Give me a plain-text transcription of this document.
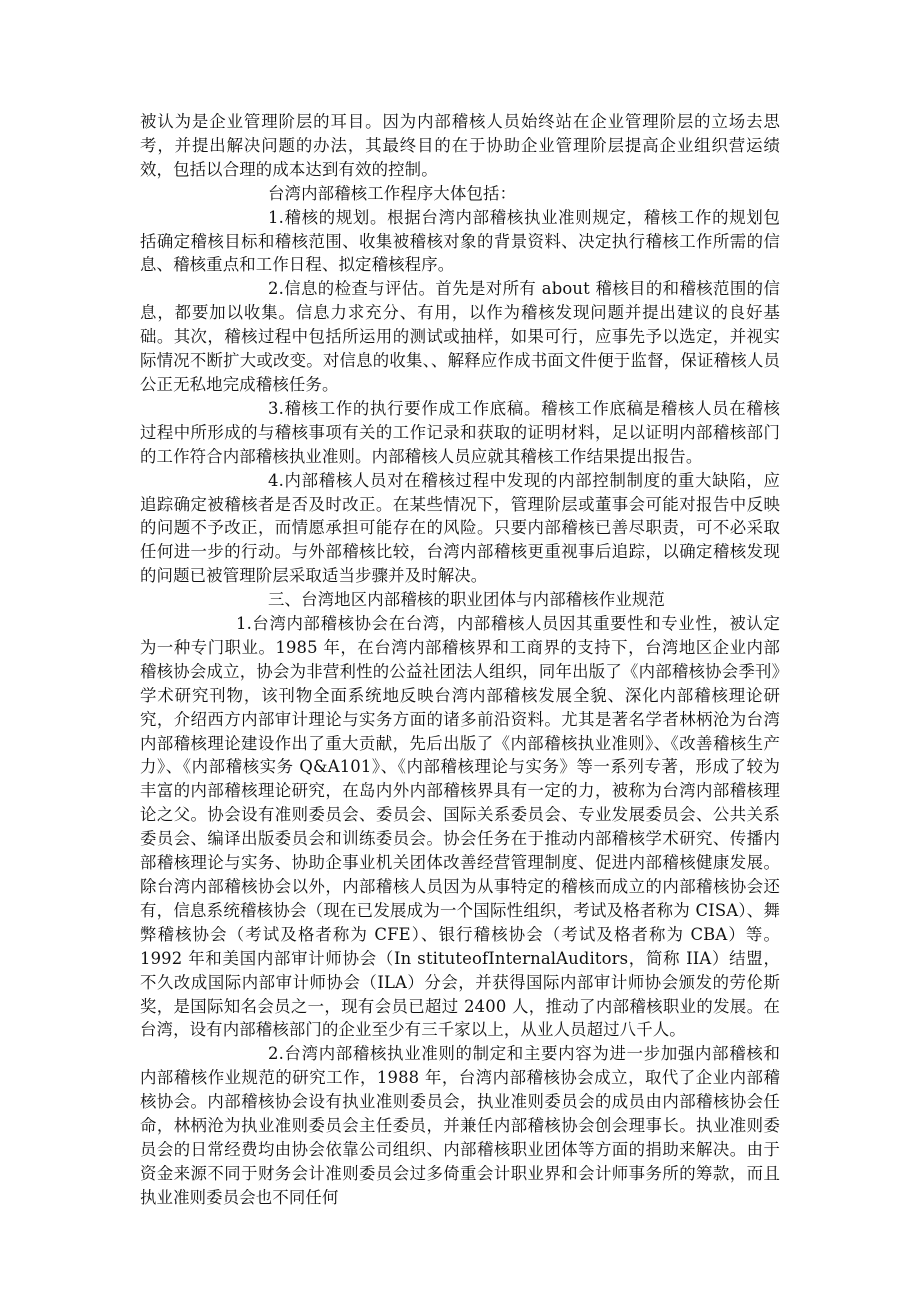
被认为是企业管理阶层的耳目。因为内部稽核人员始终站在企业管理阶层的立场去思考，并提出解决问题的办法，其最终目的在于协助企业管理阶层提高企业组织营运绩效，包括以合理的成本达到有效的控制。

台湾内部稽核工作程序大体包括：

1.稽核的规划。根据台湾内部稽核执业准则规定，稽核工作的规划包括确定稽核目标和稽核范围、收集被稽核对象的背景资料、决定执行稽核工作所需的信息、稽核重点和工作日程、拟定稽核程序。

2.信息的检查与评估。首先是对所有 about 稽核目的和稽核范围的信息，都要加以收集。信息力求充分、有用，以作为稽核发现问题并提出建议的良好基础。其次，稽核过程中包括所运用的测试或抽样，如果可行，应事先予以选定，并视实际情况不断扩大或改变。对信息的收集、、解释应作成书面文件便于监督，保证稽核人员公正无私地完成稽核任务。

3.稽核工作的执行要作成工作底稿。稽核工作底稿是稽核人员在稽核过程中所形成的与稽核事项有关的工作记录和获取的证明材料，足以证明内部稽核部门的工作符合内部稽核执业准则。内部稽核人员应就其稽核工作结果提出报告。

4.内部稽核人员对在稽核过程中发现的内部控制制度的重大缺陷，应追踪确定被稽核者是否及时改正。在某些情况下，管理阶层或董事会可能对报告中反映的问题不予改正，而情愿承担可能存在的风险。只要内部稽核已善尽职责，可不必采取任何进一步的行动。与外部稽核比较，台湾内部稽核更重视事后追踪，以确定稽核发现的问题已被管理阶层采取适当步骤并及时解决。

三、台湾地区内部稽核的职业团体与内部稽核作业规范

1.台湾内部稽核协会在台湾，内部稽核人员因其重要性和专业性，被认定为一种专门职业。1985 年，在台湾内部稽核界和工商界的支持下，台湾地区企业内部稽核协会成立，协会为非营利性的公益社团法人组织，同年出版了《内部稽核协会季刊》学术研究刊物，该刊物全面系统地反映台湾内部稽核发展全貌、深化内部稽核理论研究，介绍西方内部审计理论与实务方面的诸多前沿资料。尤其是著名学者林柄沧为台湾内部稽核理论建设作出了重大贡献，先后出版了《内部稽核执业准则》、《改善稽核生产力》、《内部稽核实务 Q&A101》、《内部稽核理论与实务》等一系列专著，形成了较为丰富的内部稽核理论研究，在岛内外内部稽核界具有一定的力，被称为台湾内部稽核理论之父。协会设有准则委员会、委员会、国际关系委员会、专业发展委员会、公共关系委员会、编译出版委员会和训练委员会。协会任务在于推动内部稽核学术研究、传播内部稽核理论与实务、协助企事业机关团体改善经营管理制度、促进内部稽核健康发展。除台湾内部稽核协会以外，内部稽核人员因为从事特定的稽核而成立的内部稽核协会还有，信息系统稽核协会（现在已发展成为一个国际性组织，考试及格者称为 CISA）、舞弊稽核协会（考试及格者称为 CFE）、银行稽核协会（考试及格者称为 CBA）等。1992 年和美国内部审计师协会（In stituteofInternalAuditors，简称 IIA）结盟，不久改成国际内部审计师协会（ILA）分会，并获得国际内部审计师协会颁发的劳伦斯奖，是国际知名会员之一，现有会员已超过 2400 人，推动了内部稽核职业的发展。在台湾，设有内部稽核部门的企业至少有三千家以上，从业人员超过八千人。

2.台湾内部稽核执业准则的制定和主要内容为进一步加强内部稽核和内部稽核作业规范的研究工作，1988 年，台湾内部稽核协会成立，取代了企业内部稽核协会。内部稽核协会设有执业准则委员会，执业准则委员会的成员由内部稽核协会任命，林柄沧为执业准则委员会主任委员，并兼任内部稽核协会创会理事长。执业准则委员会的日常经费均由协会依靠公司组织、内部稽核职业团体等方面的捐助来解决。由于资金来源不同于财务会计准则委员会过多倚重会计职业界和会计师事务所的筹款，而且执业准则委员会也不同任何
